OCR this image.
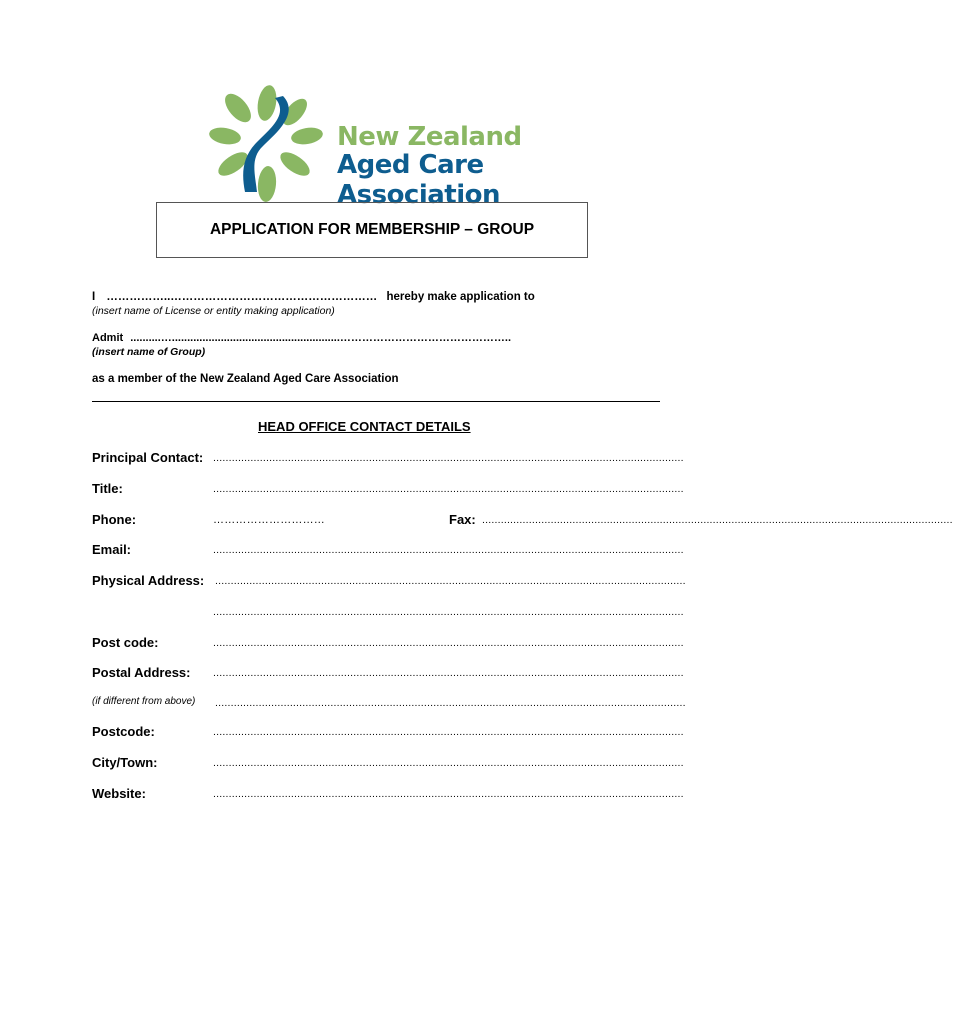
New Zealand
Aged Care Association
APPLICATION FOR MEMBERSHIP – GROUP
I ……………..……………………………………………… hereby make application to
(insert name of License or entity making application)
Admit ..........….......................................................………………………………………..
(insert name of Group)
as a member of the New Zealand Aged Care Association
HEAD OFFICE CONTACT DETAILS
Principal Contact: .......................................................................................................................................................
Title:	.......................................................................................................................................................
Phone:	…………………………	Fax: .......................................................................................................................................................
Email:	.......................................................................................................................................................
Physical Address: .......................................................................................................................................................
.......................................................................................................................................................
Post code:	.......................................................................................................................................................
Postal Address: .......................................................................................................................................................
(if different from above) .......................................................................................................................................................
Postcode:	.......................................................................................................................................................
City/Town:	.......................................................................................................................................................
Website:	.......................................................................................................................................................
